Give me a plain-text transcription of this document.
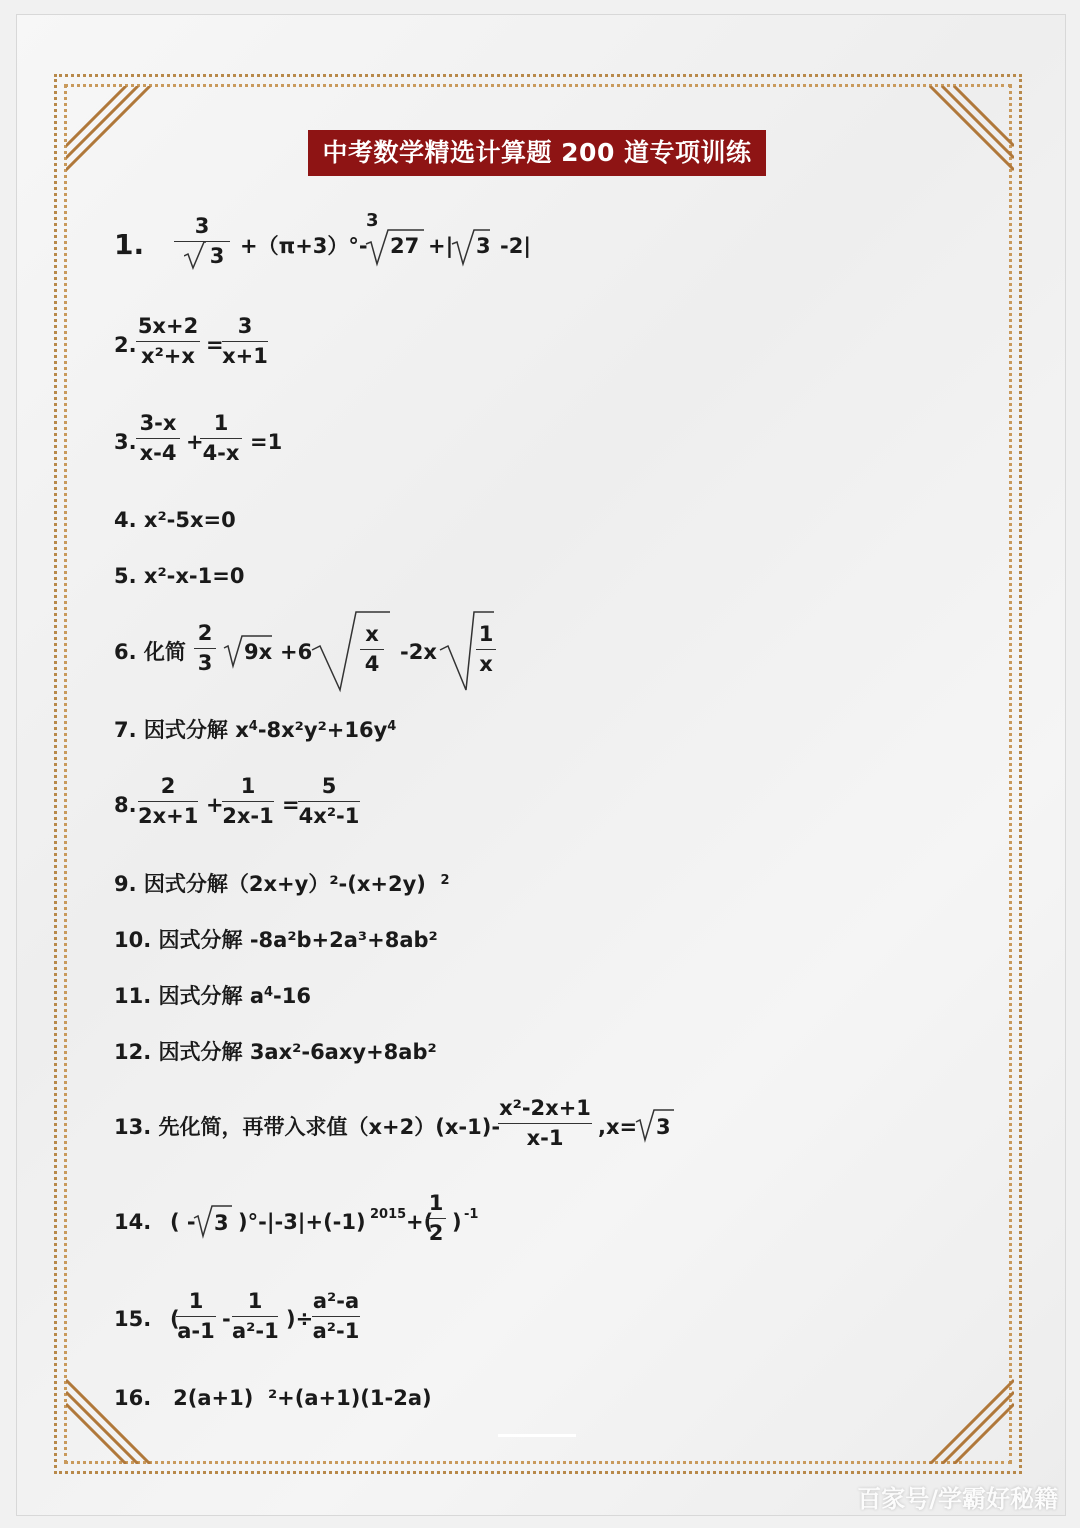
中考数学精选计算题 200 道专项训练
1.
3
3 +（π+3）°-
3
27 +| 3 -2|
2.
5x+2
x²+x =
3
x+1
3.
3-x
x-4 +
1
4-x =1
4. x²-5x=0
5. x²-x-1=0
6. 化简
2
3 9x +6
x
4 -2x
1
x
7. 因式分解 $x^4-8x^2y^2+16y^4$
8.
2
2x+1 +
1
2x-1 =
5
4x²-1
9. 因式分解（2x+y）²-(x+2y) $^2$
10. 因式分解 -8a²b+2a³+8ab²
11. 因式分解 $a^4-16$
12. 因式分解 3ax²-6axy+8ab²
13. 先化简，再带入求值（x+2）(x-1)-
x²-2x+1
x-1	,x= 3
14. ( - 3 )°-|-3|+(-1) 2015 +(
1
2 ) -1
15. (
1
a-1 -
1
a²-1 )÷
a²-a
a²-1
16.   2(a+1)  ²+(a+1)(1-2a)
百家号/学霸好秘籍
